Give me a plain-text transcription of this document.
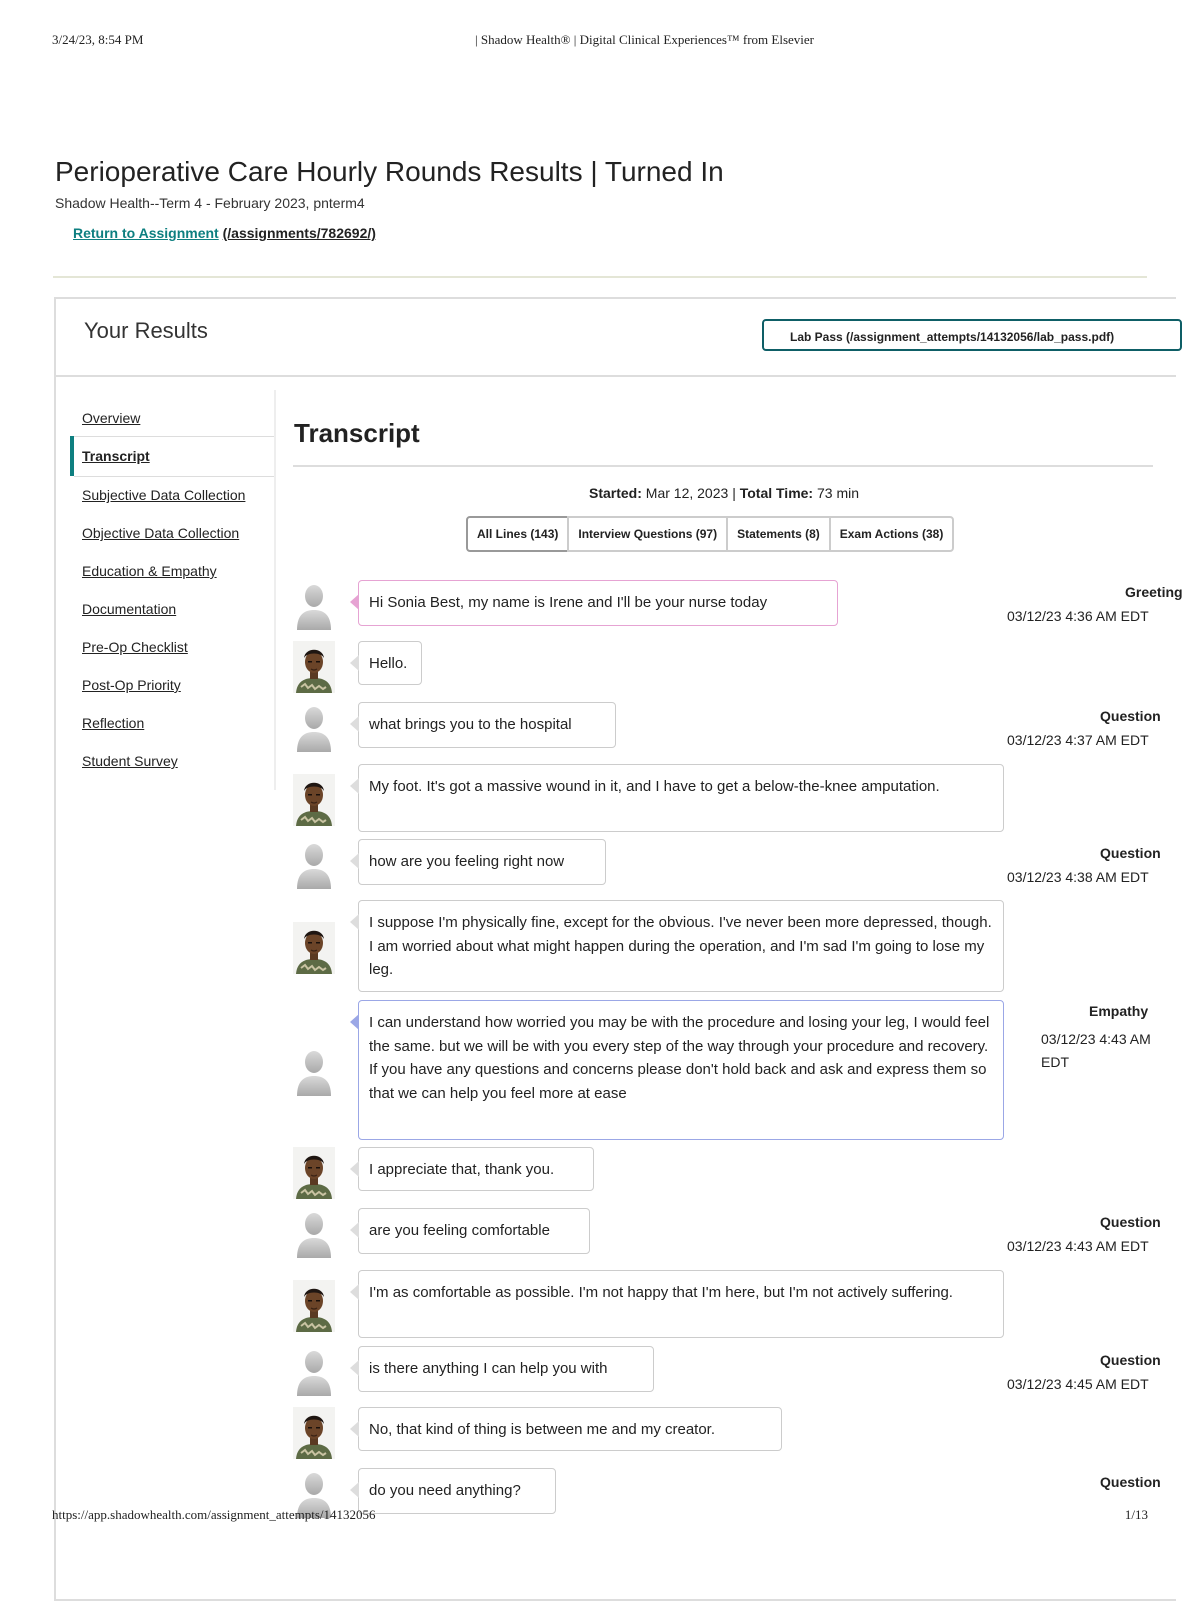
3/24/23, 8:54 PM	| Shadow Health® | Digital Clinical Experiences™ from Elsevier
Perioperative Care Hourly Rounds Results | Turned In
Shadow Health--Term 4 - February 2023, pnterm4
Return to Assignment (/assignments/782692/)
Your Results	Lab Pass (/assignment_attempts/14132056/lab_pass.pdf)
Overview
Transcript
Subjective Data Collection
Objective Data Collection
Education & Empathy
Documentation
Pre-Op Checklist
Post-Op Priority
Reflection
Student Survey
Transcript
Started: Mar 12, 2023 | Total Time: 73 min
All Lines (143)	Interview Questions (97)	Statements (8)	Exam Actions (38)
Hi Sonia Best, my name is Irene and I'll be your nurse today
Greeting
03/12/23 4:36 AM EDT
Hello.
what brings you to the hospital	Question
03/12/23 4:37 AM EDT
My foot. It's got a massive wound in it, and I have to get a below-the-knee amputation.
how are you feeling right now	Question
03/12/23 4:38 AM EDT
I suppose I'm physically fine, except for the obvious. I've never been more depressed, though. I am worried about what might happen during the operation, and I'm sad I'm going to lose my leg.
I can understand how worried you may be with the procedure and losing your leg, I would feel the same. but we will be with you every step of the way through your procedure and recovery. If you have any questions and concerns please don't hold back and ask and express them so that we can help you feel more at ease
Empathy
03/12/23 4:43 AM EDT
I appreciate that, thank you.
are you feeling comfortable	Question
03/12/23 4:43 AM EDT
I'm as comfortable as possible. I'm not happy that I'm here, but I'm not actively suffering.
is there anything I can help you with	Question
03/12/23 4:45 AM EDT
No, that kind of thing is between me and my creator.
do you need anything?	Question
https://app.shadowhealth.com/assignment_attempts/14132056	1/13
